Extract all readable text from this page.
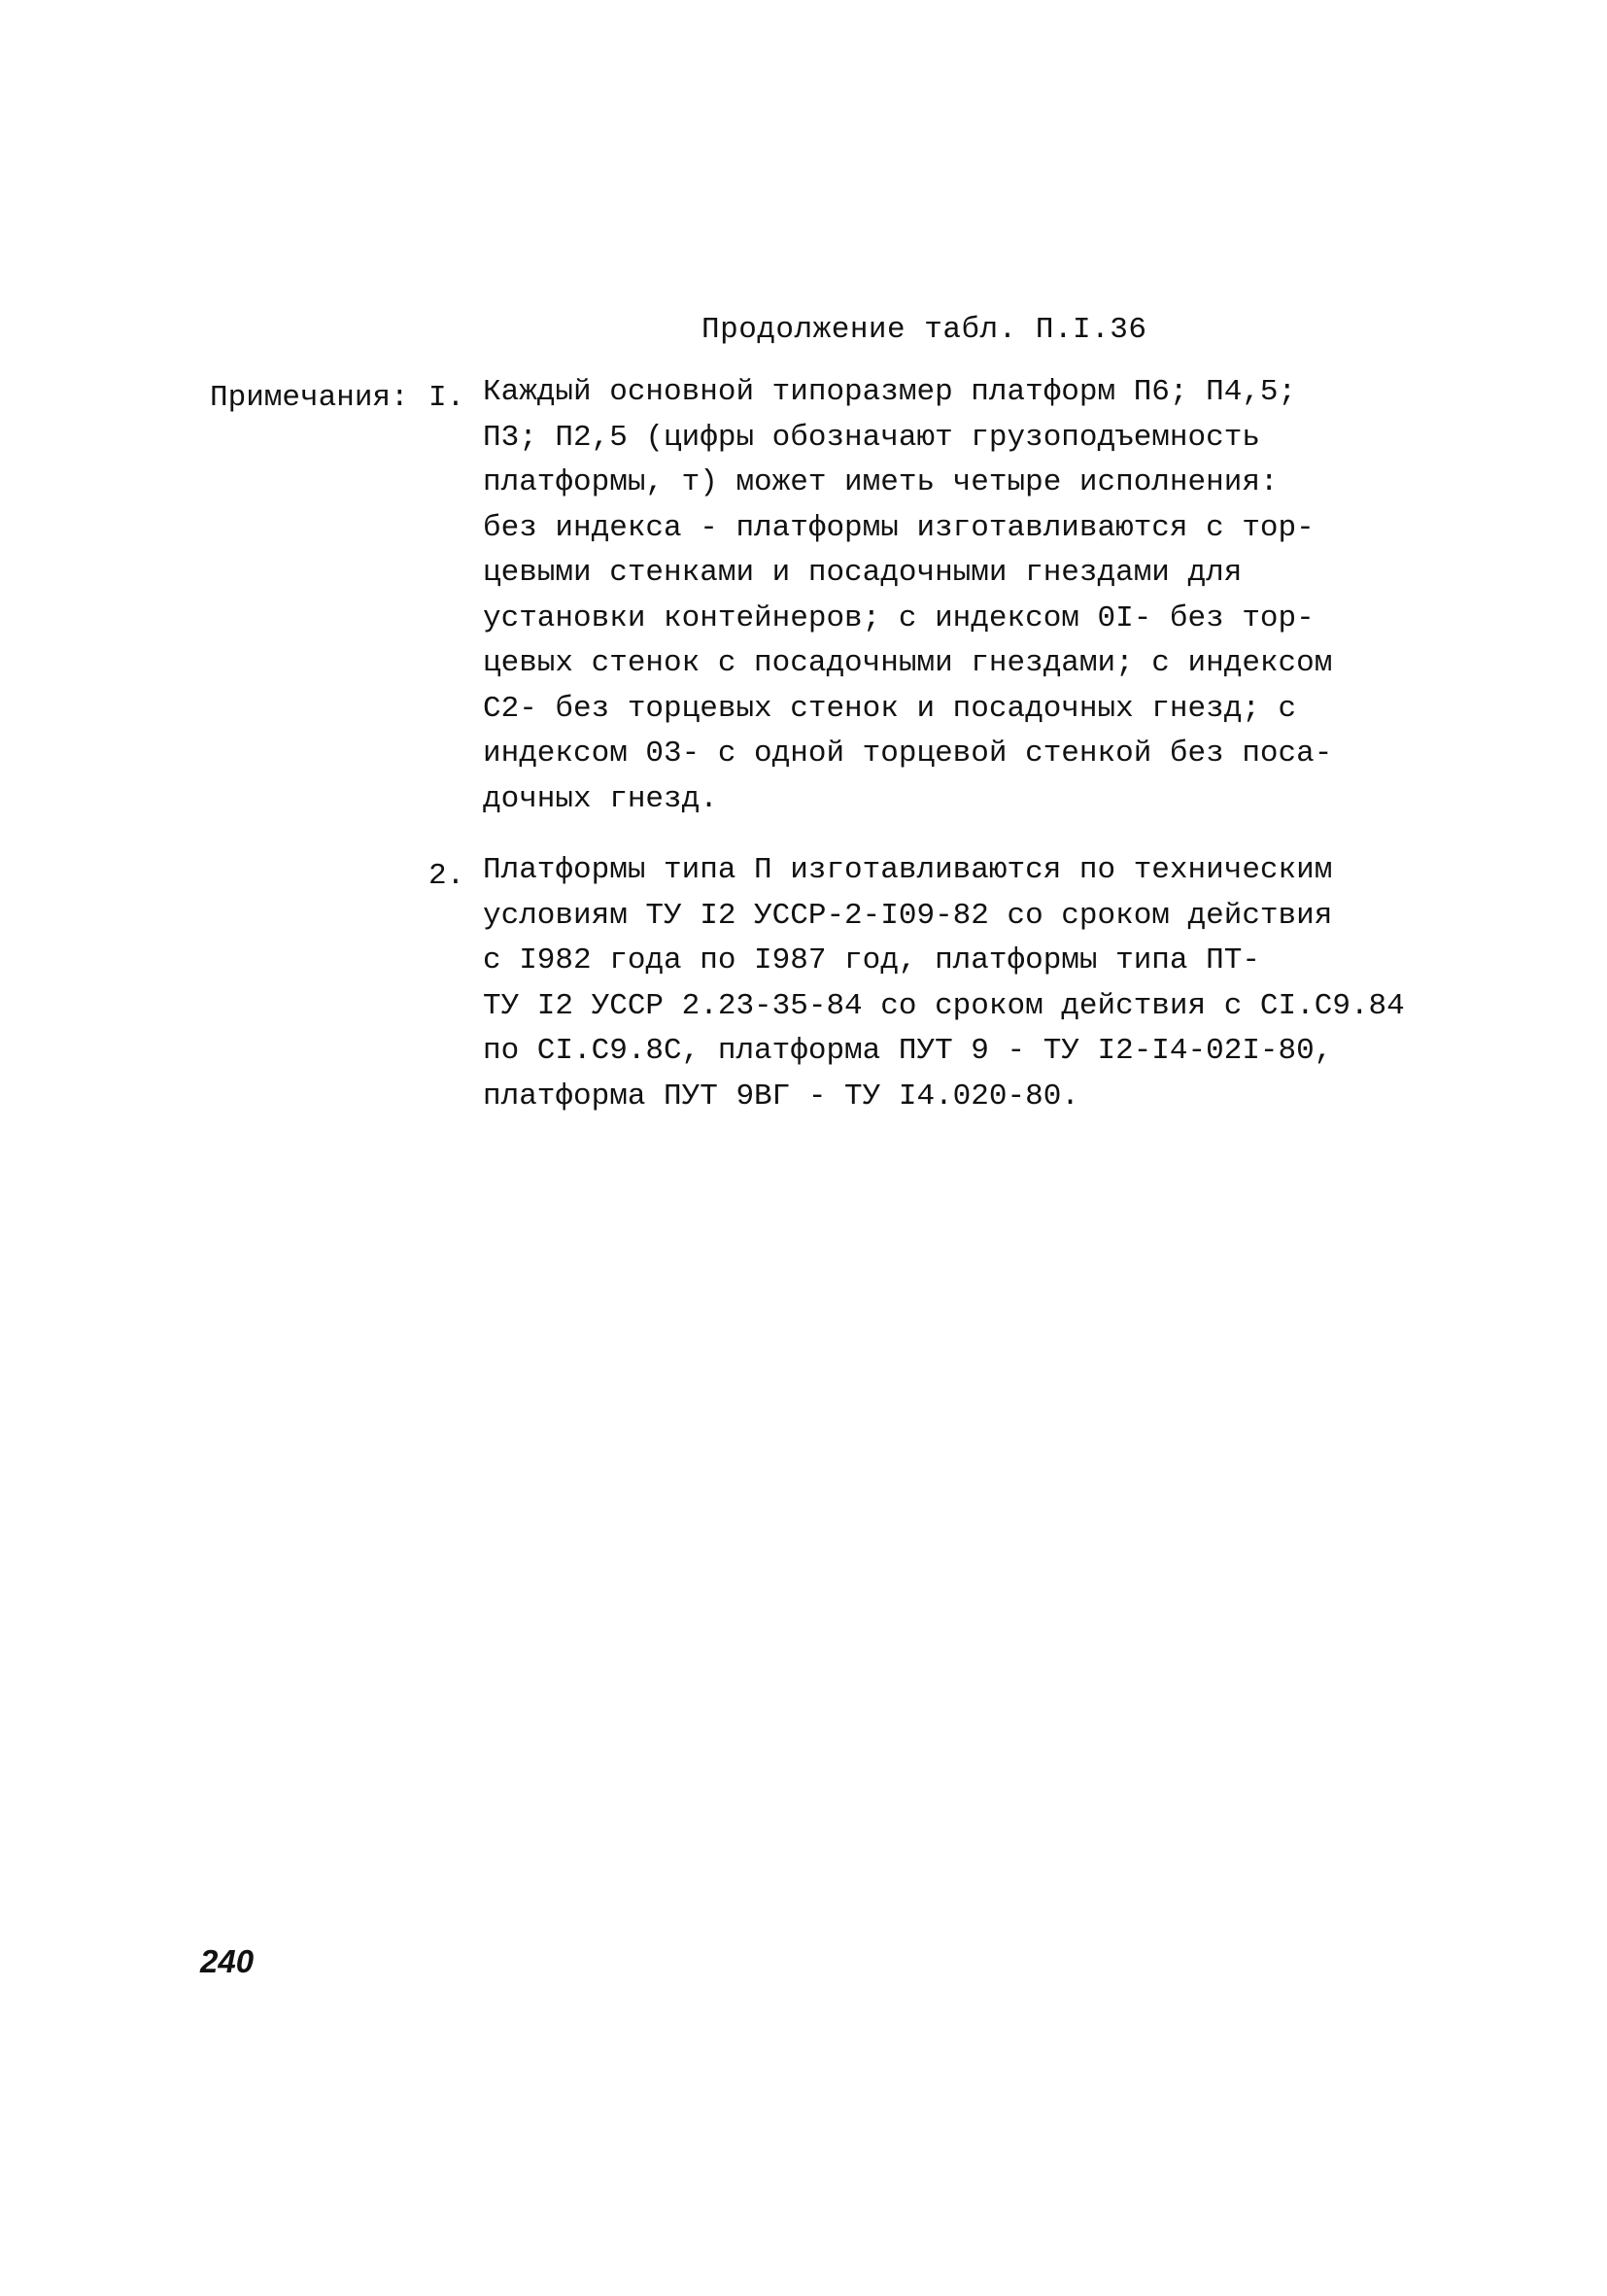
Продолжение табл. П.I.36
Примечания: I. Каждый основной типоразмер платформ П6; П4,5;
П3; П2,5 (цифры обозначают грузоподъемность
платформы, т) может иметь четыре исполнения:
без индекса - платформы изготавливаются с тор-
цевыми стенками и посадочными гнездами для
установки контейнеров; с индексом 0I- без тор-
цевых стенок с посадочными гнездами; с индексом
С2- без торцевых стенок и посадочных гнезд; с
индексом 03- с одной торцевой стенкой без поса-
дочных гнезд.
2. Платформы типа П изготавливаются по техническим
условиям ТУ I2 УССР-2-I09-82 со сроком действия
с I982 года по I987 год, платформы типа ПТ-
ТУ I2 УССР 2.23-35-84 со сроком действия с СI.С9.84
по СI.С9.8С, платформа ПУТ 9 - ТУ I2-I4-02I-80,
платформа ПУТ 9ВГ - ТУ I4.020-80.
240
